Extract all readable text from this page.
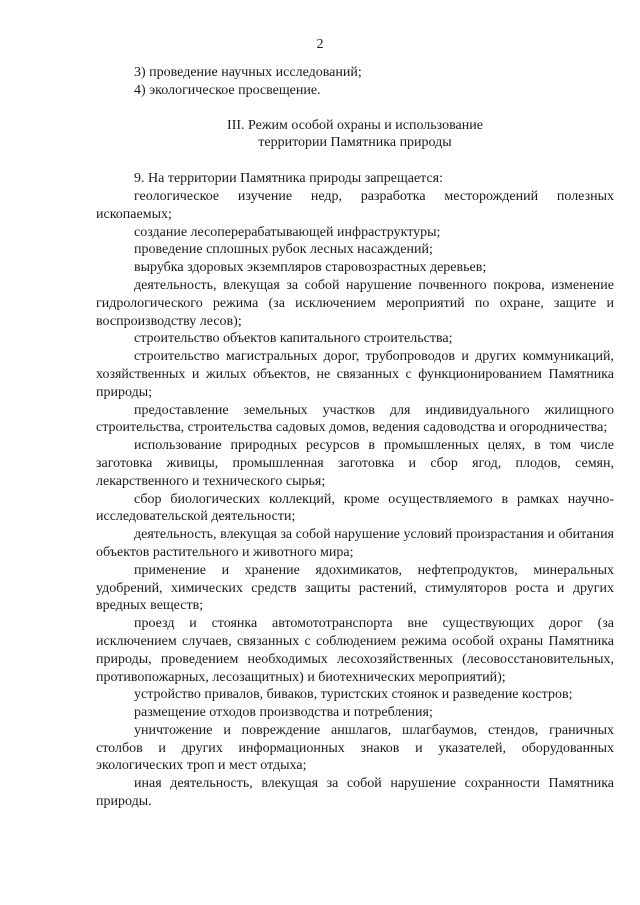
2

3) проведение научных исследований;

4) экологическое просвещение.

III. Режим особой охраны и использование
территории Памятника природы

9. На территории Памятника природы запрещается:

геологическое изучение недр, разработка месторождений полезных ископаемых;

создание лесоперерабатывающей инфраструктуры;

проведение сплошных рубок лесных насаждений;

вырубка здоровых экземпляров старовозрастных деревьев;

деятельность, влекущая за собой нарушение почвенного покрова, изменение гидрологического режима (за исключением мероприятий по охране, защите и воспроизводству лесов);

строительство объектов капитального строительства;

строительство магистральных дорог, трубопроводов и других коммуникаций, хозяйственных и жилых объектов, не связанных с функционированием Памятника природы;

предоставление земельных участков для индивидуального жилищного строительства, строительства садовых домов, ведения садоводства и огородничества;

использование природных ресурсов в промышленных целях, в том числе заготовка живицы, промышленная заготовка и сбор ягод, плодов, семян, лекарственного и технического сырья;

сбор биологических коллекций, кроме осуществляемого в рамках научно-исследовательской деятельности;

деятельность, влекущая за собой нарушение условий произрастания и обитания объектов растительного и животного мира;

применение и хранение ядохимикатов, нефтепродуктов, минеральных удобрений, химических средств защиты растений, стимуляторов роста и других вредных веществ;

проезд и стоянка автомототранспорта вне существующих дорог (за исключением случаев, связанных с соблюдением режима особой охраны Памятника природы, проведением необходимых лесохозяйственных (лесовосстановительных, противопожарных, лесозащитных) и биотехнических мероприятий);

устройство привалов, биваков, туристских стоянок и разведение костров;

размещение отходов производства и потребления;

уничтожение и повреждение аншлагов, шлагбаумов, стендов, граничных столбов и других информационных знаков и указателей, оборудованных экологических троп и мест отдыха;

иная деятельность, влекущая за собой нарушение сохранности Памятника природы.
